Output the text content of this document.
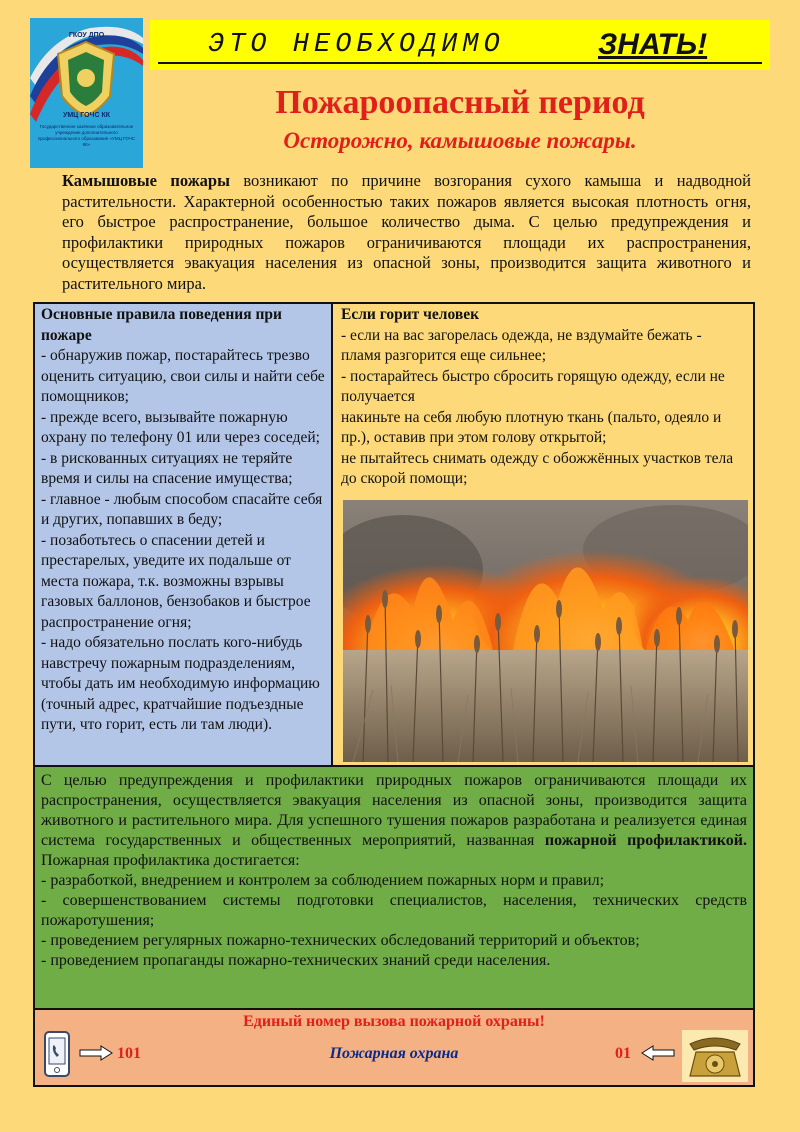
ГКОУ ДПО
УМЦ ГОЧС КК
Государственное казённое образовательное учреждение дополнительного профессионального образования «УМЦ ГОЧС КК»
ЭТО НЕОБХОДИМО	ЗНАТЬ!
Пожароопасный период
Осторожно, камышовые пожары.
Камышовые пожары возникают по причине возгорания сухого камыша и надводной растительности. Характерной особенностью таких пожаров является высокая плотность огня, его быстрое распространение, большое количество дыма. С целью предупреждения и профилактики природных пожаров ограничиваются площади их распространения, осуществляется эвакуация населения из опасной зоны, производится защита животного и растительного мира.
Основные правила поведения при пожаре
- обнаружив пожар, постарайтесь трезво оценить ситуацию, свои силы и найти себе помощников;
- прежде всего, вызывайте пожарную охрану по телефону 01 или через соседей;
- в рискованных ситуациях не теряйте время и силы на спасение имущества;
- главное - любым способом спасайте себя и других, попавших в беду;
- позаботьтесь о спасении детей и престарелых, уведите их подальше от места пожара, т.к. возможны взрывы газовых баллонов, бензобаков и быстрое распространение огня;
- надо обязательно послать кого-нибудь навстречу пожарным подразделениям, чтобы дать им необходимую информацию (точный адрес, кратчайшие подъездные пути, что горит, есть ли там люди).
Если горит человек
- если на вас загорелась одежда, не вздумайте бежать - пламя разгорится еще сильнее;
- постарайтесь быстро сбросить горящую одежду, если не получается
накиньте на себя любую плотную ткань (пальто, одеяло и пр.), оставив при этом голову открытой;
не пытайтесь снимать одежду с обожжённых участков тела до скорой помощи;

С целью предупреждения и профилактики природных пожаров ограничиваются площади их распространения, осуществляется эвакуация населения из опасной зоны, производится защита животного и растительного мира. Для успешного тушения пожаров разработана и реализуется единая система государственных и общественных мероприятий, названная пожарной профилактикой. Пожарная профилактика достигается:

- разработкой, внедрением и контролем за соблюдением пожарных норм и правил;

- совершенствованием системы подготовки специалистов, населения, технических средств пожаротушения;

- проведением регулярных пожарно-технических обследований территорий и объектов;

- проведением пропаганды пожарно-технических знаний среди населения.

Единый номер вызова пожарной охраны!
101	Пожарная охрана	01
